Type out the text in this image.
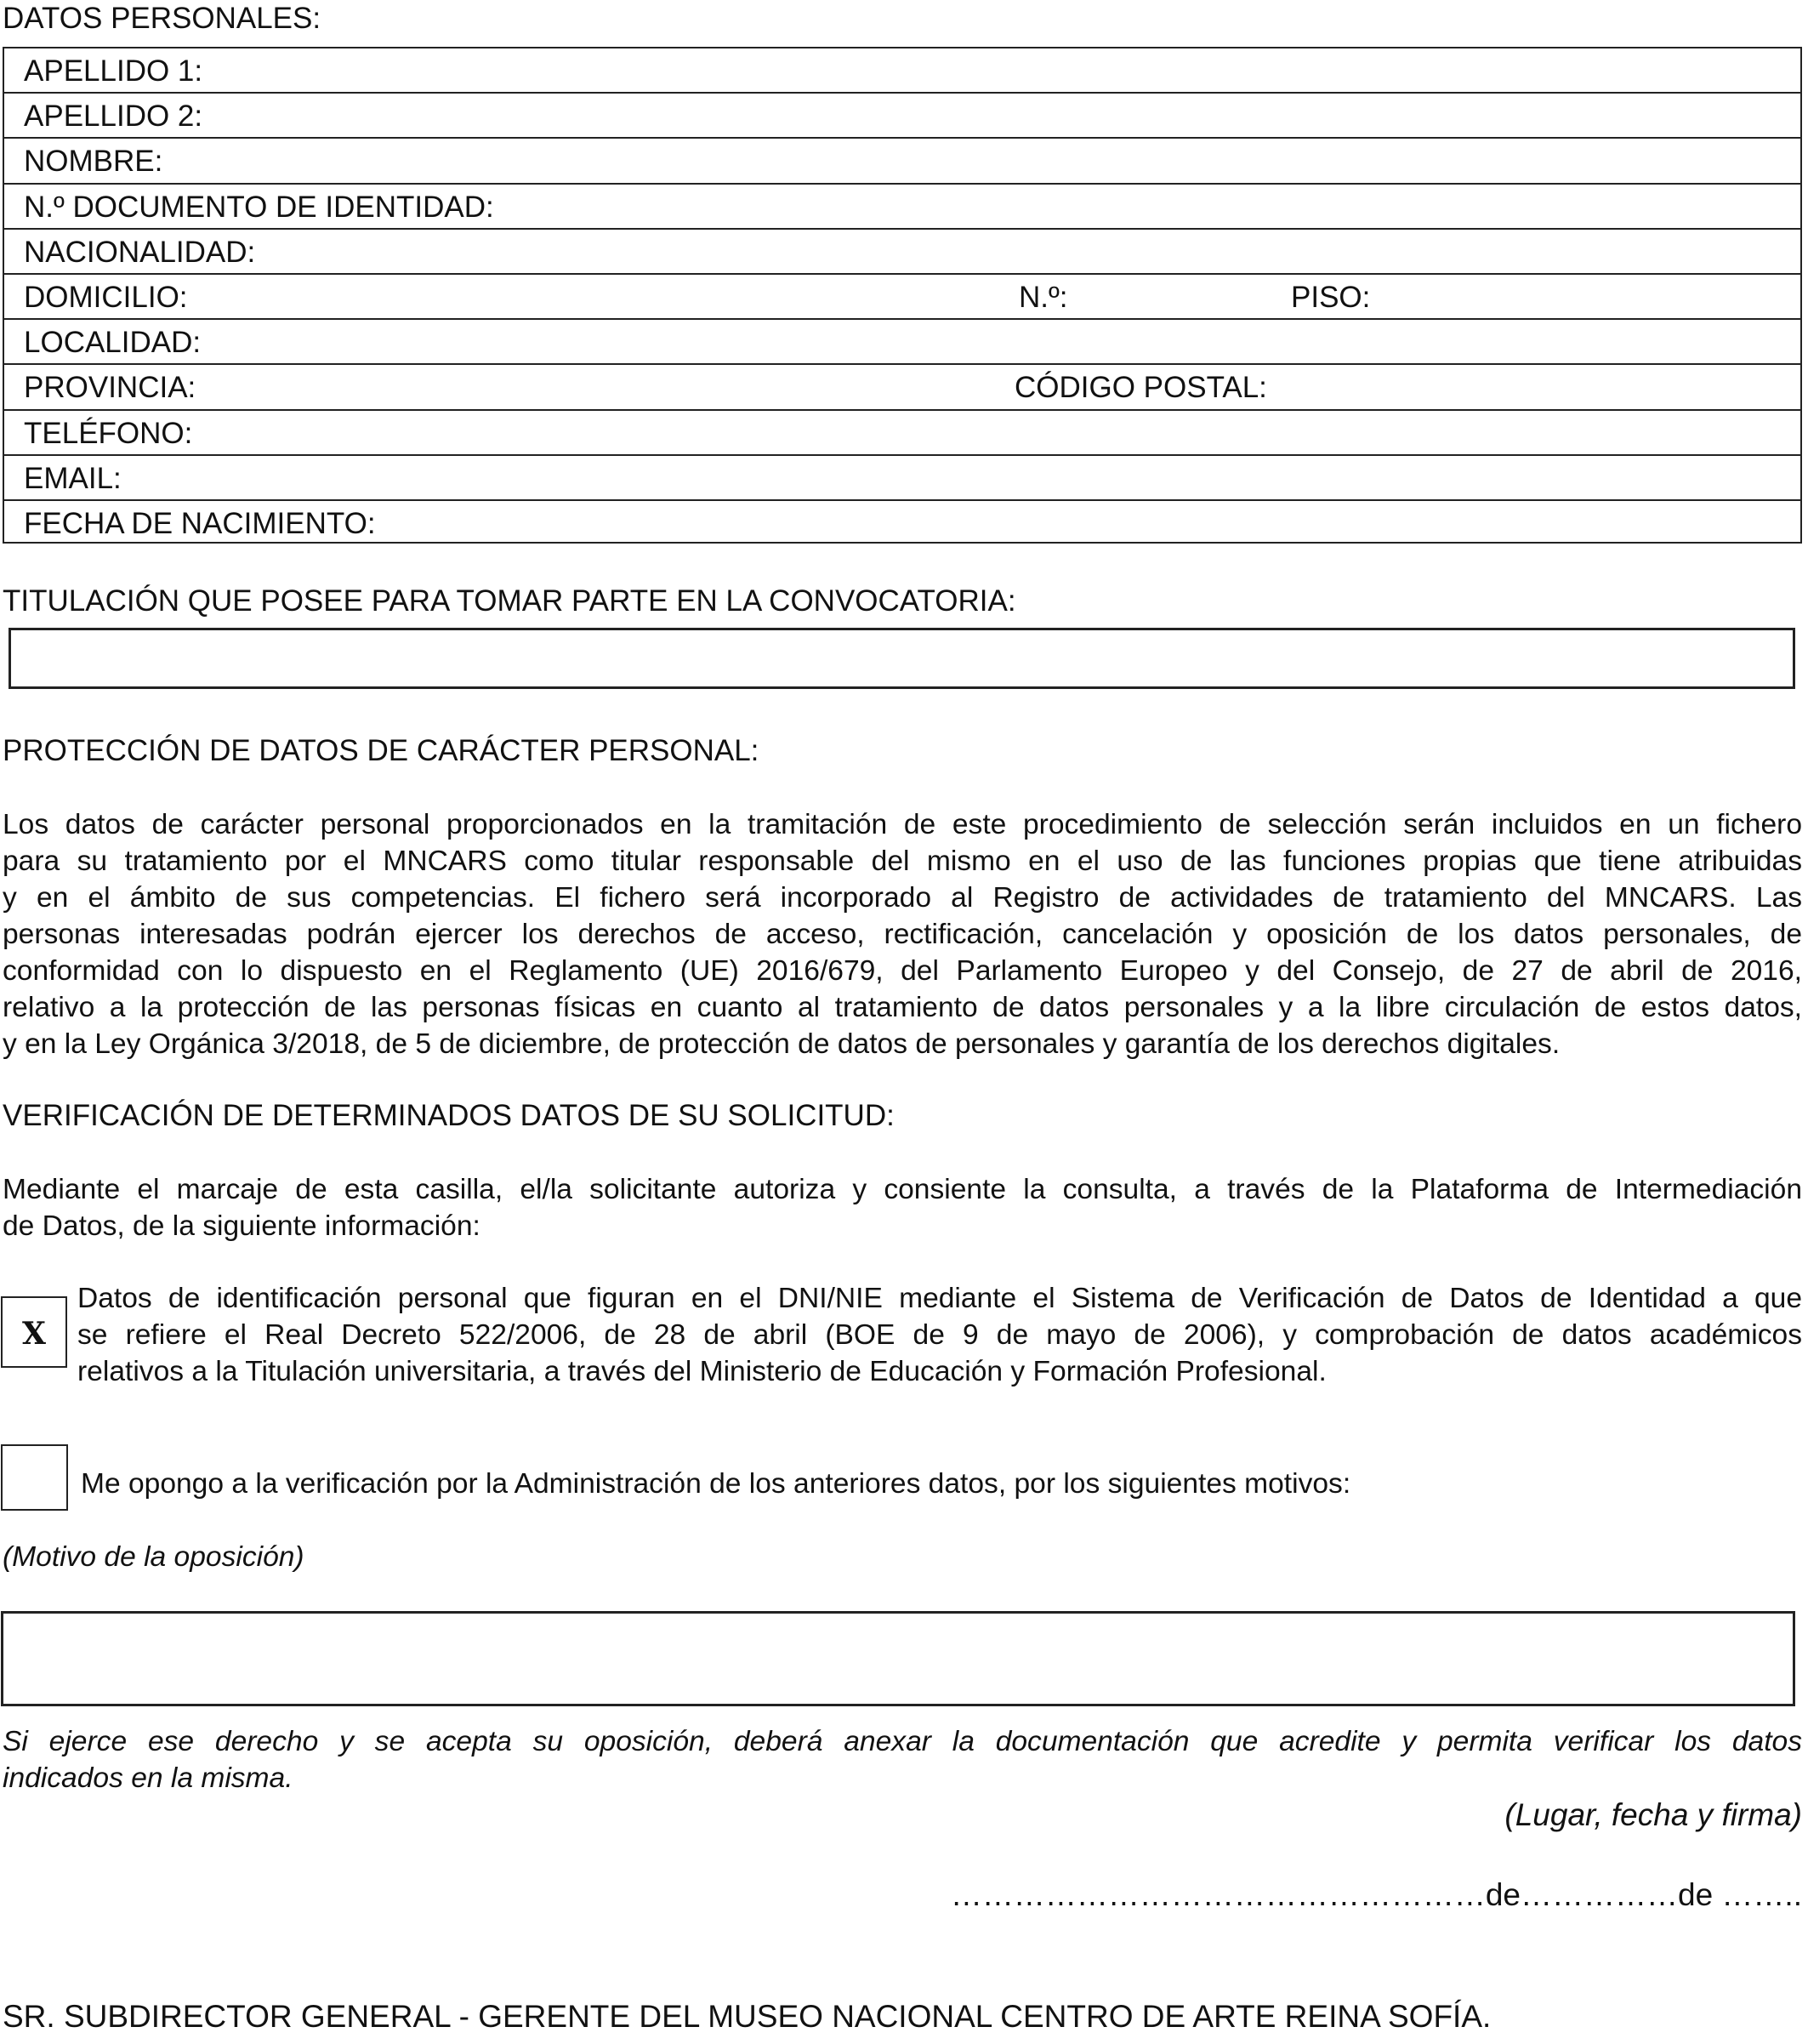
DATOS PERSONALES:
APELLIDO 1:
APELLIDO 2:
NOMBRE:
N.º DOCUMENTO DE IDENTIDAD:
NACIONALIDAD:
DOMICILIO:	N.º:	PISO:
LOCALIDAD:
PROVINCIA:	CÓDIGO POSTAL:
TELÉFONO:
EMAIL:
FECHA DE NACIMIENTO:
TITULACIÓN QUE POSEE PARA TOMAR PARTE EN LA CONVOCATORIA:
PROTECCIÓN DE DATOS DE CARÁCTER PERSONAL:
Los datos de carácter personal proporcionados en la tramitación de este procedimiento de selección serán incluidos en un fichero
para su tratamiento por el MNCARS como titular responsable del mismo en el uso de las funciones propias que tiene atribuidas
y en el ámbito de sus competencias. El fichero será incorporado al Registro de actividades de tratamiento del MNCARS. Las
personas interesadas podrán ejercer los derechos de acceso, rectificación, cancelación y oposición de los datos personales, de
conformidad con lo dispuesto en el Reglamento (UE) 2016/679, del Parlamento Europeo y del Consejo, de 27 de abril de 2016,
relativo a la protección de las personas físicas en cuanto al tratamiento de datos personales y a la libre circulación de estos datos,
y en la Ley Orgánica 3/2018, de 5 de diciembre, de protección de datos de personales y garantía de los derechos digitales.
VERIFICACIÓN DE DETERMINADOS DATOS DE SU SOLICITUD:
Mediante el marcaje de esta casilla, el/la solicitante autoriza y consiente la consulta, a través de la Plataforma de Intermediación
de Datos, de la siguiente información:
X
Datos de identificación personal que figuran en el DNI/NIE mediante el Sistema de Verificación de Datos de Identidad a que
se refiere el Real Decreto 522/2006, de 28 de abril (BOE de 9 de mayo de 2006), y comprobación de datos académicos
relativos a la Titulación universitaria, a través del Ministerio de Educación y Formación Profesional.
Me opongo a la verificación por la Administración de los anteriores datos, por los siguientes motivos:
(Motivo de la oposición)
Si ejerce ese derecho y se acepta su oposición, deberá anexar la documentación que acredite y permita verificar los datos
indicados en la misma.
(Lugar, fecha y firma)
……………………………………………de……………de ……..
SR. SUBDIRECTOR GENERAL - GERENTE DEL MUSEO NACIONAL CENTRO DE ARTE REINA SOFÍA.
